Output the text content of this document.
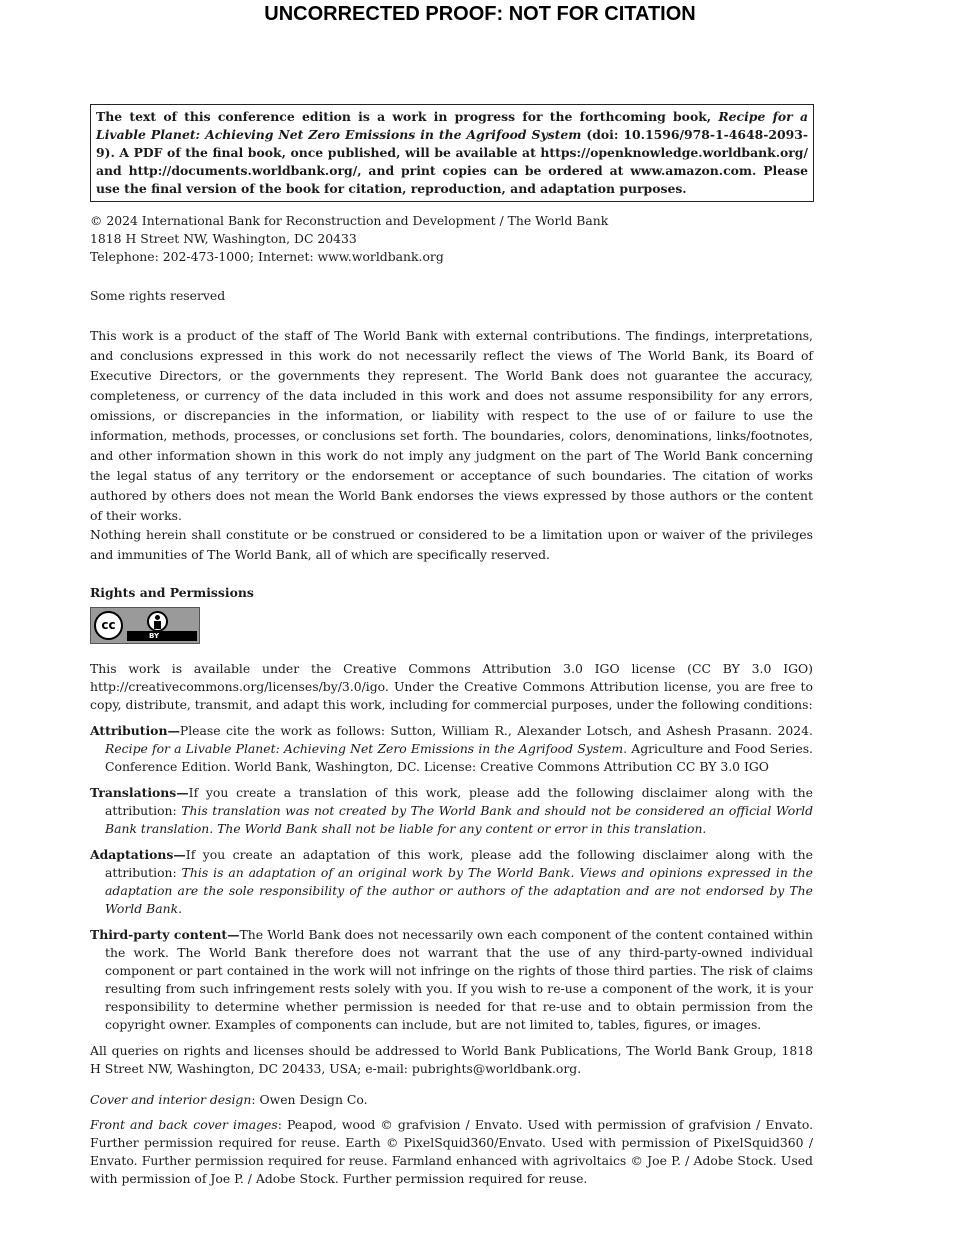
UNCORRECTED PROOF: NOT FOR CITATION
The text of this conference edition is a work in progress for the forthcoming book, Recipe for a Livable Planet: Achieving Net Zero Emissions in the Agrifood System (doi: 10.1596/978-1-4648-2093-9). A PDF of the final book, once published, will be available at https://openknowledge.worldbank.org/ and http://documents.worldbank.org/, and print copies can be ordered at www.amazon.com. Please use the final version of the book for citation, reproduction, and adaptation purposes.
© 2024 International Bank for Reconstruction and Development / The World Bank
1818 H Street NW, Washington, DC 20433
Telephone: 202-473-1000; Internet: www.worldbank.org
Some rights reserved

This work is a product of the staff of The World Bank with external contributions. The findings, interpretations, and conclusions expressed in this work do not necessarily reflect the views of The World Bank, its Board of Executive Directors, or the governments they represent. The World Bank does not guarantee the accuracy, completeness, or currency of the data included in this work and does not assume responsibility for any errors, omissions, or discrepancies in the information, or liability with respect to the use of or failure to use the information, methods, processes, or conclusions set forth. The boundaries, colors, denominations, links/footnotes, and other information shown in this work do not imply any judgment on the part of The World Bank concerning the legal status of any territory or the endorsement or acceptance of such boundaries. The citation of works authored by others does not mean the World Bank endorses the views expressed by those authors or the content of their works.

Nothing herein shall constitute or be construed or considered to be a limitation upon or waiver of the privileges and immunities of The World Bank, all of which are specifically reserved.

Rights and Permissions
cc
BY

This work is available under the Creative Commons Attribution 3.0 IGO license (CC BY 3.0 IGO) http://creativecommons.org/licenses/by/3.0/igo. Under the Creative Commons Attribution license, you are free to copy, distribute, transmit, and adapt this work, including for commercial purposes, under the following conditions:

Attribution—Please cite the work as follows: Sutton, William R., Alexander Lotsch, and Ashesh Prasann. 2024. Recipe for a Livable Planet: Achieving Net Zero Emissions in the Agrifood System. Agriculture and Food Series. Conference Edition. World Bank, Washington, DC. License: Creative Commons Attribution CC BY 3.0 IGO

Translations—If you create a translation of this work, please add the following disclaimer along with the attribution: This translation was not created by The World Bank and should not be considered an official World Bank translation. The World Bank shall not be liable for any content or error in this translation.

Adaptations—If you create an adaptation of this work, please add the following disclaimer along with the attribution: This is an adaptation of an original work by The World Bank. Views and opinions expressed in the adaptation are the sole responsibility of the author or authors of the adaptation and are not endorsed by The World Bank.

Third-party content—The World Bank does not necessarily own each component of the content contained within the work. The World Bank therefore does not warrant that the use of any third-party-owned individual component or part contained in the work will not infringe on the rights of those third parties. The risk of claims resulting from such infringement rests solely with you. If you wish to re-use a component of the work, it is your responsibility to determine whether permission is needed for that re-use and to obtain permission from the copyright owner. Examples of components can include, but are not limited to, tables, figures, or images.

All queries on rights and licenses should be addressed to World Bank Publications, The World Bank Group, 1818 H Street NW, Washington, DC 20433, USA; e-mail: pubrights@worldbank.org.

Cover and interior design: Owen Design Co.

Front and back cover images: Peapod, wood © grafvision / Envato. Used with permission of grafvision / Envato. Further permission required for reuse. Earth © PixelSquid360/Envato. Used with permission of PixelSquid360 / Envato. Further permission required for reuse. Farmland enhanced with agrivoltaics © Joe P. / Adobe Stock. Used with permission of Joe P. / Adobe Stock. Further permission required for reuse.
